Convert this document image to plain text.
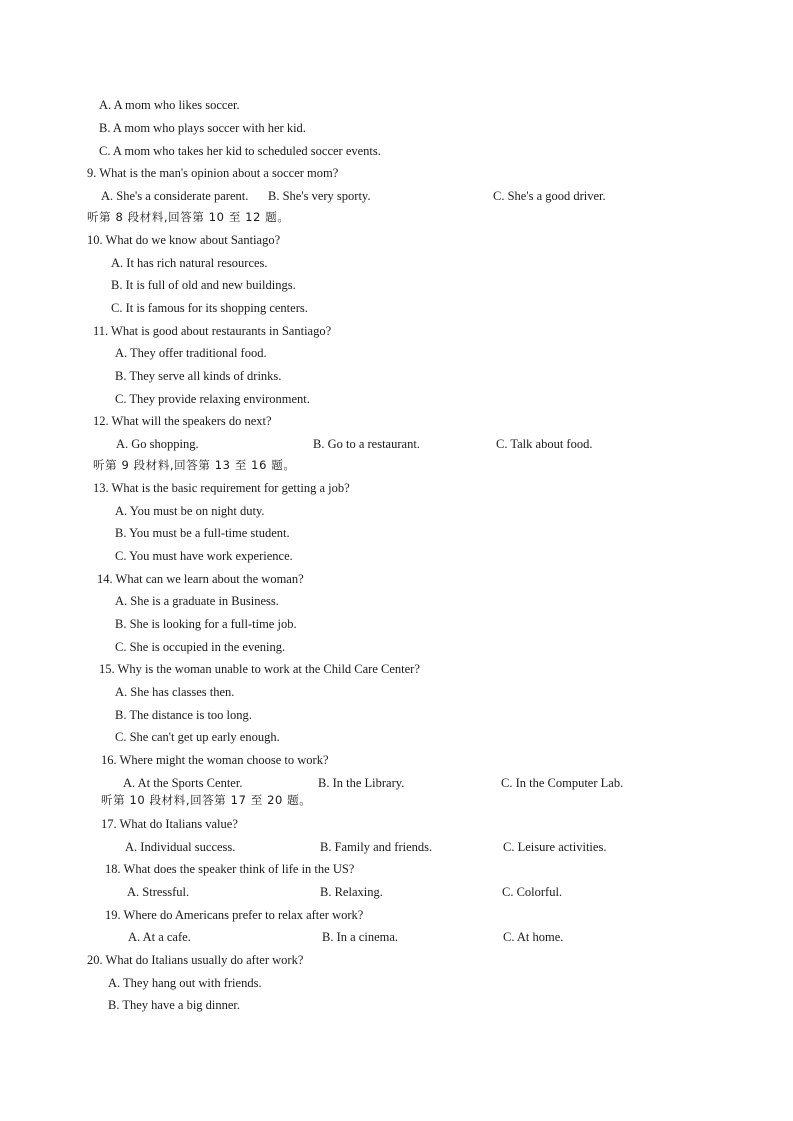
A. A mom who likes soccer.
B. A mom who plays soccer with her kid.
C. A mom who takes her kid to scheduled soccer events.
9. What is the man's opinion about a soccer mom?
A. She's a considerate parent. B. She's very sporty.	C. She's a good driver.
听第 8 段材料,回答第 10 至 12 题。
10. What do we know about Santiago?
A. It has rich natural resources.
B. It is full of old and new buildings.
C. It is famous for its shopping centers.
11. What is good about restaurants in Santiago?
A. They offer traditional food.
B. They serve all kinds of drinks.
C. They provide relaxing environment.
12. What will the speakers do next?
A. Go shopping.	B. Go to a restaurant.	C. Talk about food.
听第 9 段材料,回答第 13 至 16 题。
13. What is the basic requirement for getting a job?
A. You must be on night duty.
B. You must be a full-time student.
C. You must have work experience.
14. What can we learn about the woman?
A. She is a graduate in Business.
B. She is looking for a full-time job.
C. She is occupied in the evening.
15. Why is the woman unable to work at the Child Care Center?
A. She has classes then.
B. The distance is too long.
C. She can't get up early enough.
16. Where might the woman choose to work?
A. At the Sports Center.	B. In the Library.	C. In the Computer Lab.
听第 10 段材料,回答第 17 至 20 题。
17. What do Italians value?
A. Individual success.	B. Family and friends.	C. Leisure activities.
18. What does the speaker think of life in the US?
A. Stressful.	B. Relaxing.	C. Colorful.
19. Where do Americans prefer to relax after work?
A. At a cafe.	B. In a cinema.	C. At home.
20. What do Italians usually do after work?
A. They hang out with friends.
B. They have a big dinner.
